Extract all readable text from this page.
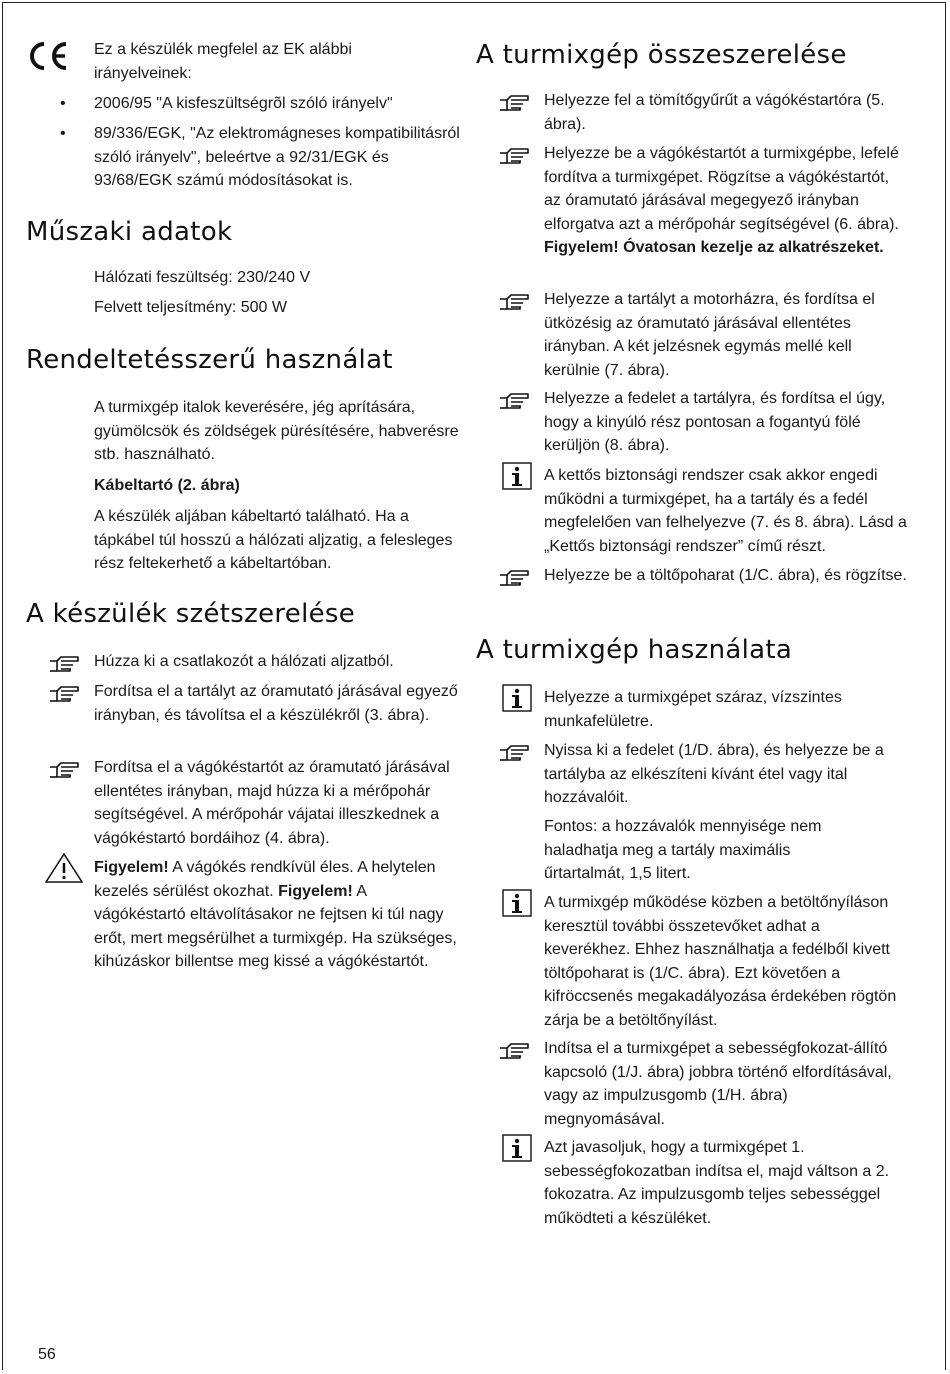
Ez a készülék megfelel az EK alábbi irányelveinek:

• 2006/95 "A kisfeszültségrõl szóló irányelv"
• 89/336/EGK, "Az elektromágneses kompatibilitásról szóló irányelv", beleértve a 92/31/EGK és 93/68/EGK számú módosításokat is.
Műszaki adatok

Hálózati feszültség: 230/240 V

Felvett teljesítmény: 500 W

Rendeltetésszerű használat

A turmixgép italok keverésére, jég aprítására, gyümölcsök és zöldségek pürésítésére, habverésre stb. használható.

Kábeltartó (2. ábra)

A készülék aljában kábeltartó található. Ha a tápkábel túl hosszú a hálózati aljzatig, a felesleges rész feltekerhető a kábeltartóban.

A készülék szétszerelése
Húzza ki a csatlakozót a hálózati aljzatból.
Fordítsa el a tartályt az óramutató járásával egyező irányban, és távolítsa el a készülékről (3. ábra).
Fordítsa el a vágókéstartót az óramutató járásával ellentétes irányban, majd húzza ki a mérőpohár segítségével. A mérőpohár vájatai illeszkednek a vágókéstartó bordáihoz (4. ábra).
Figyelem! A vágókés rendkívül éles. A helytelen kezelés sérülést okozhat. Figyelem! A vágókéstartó eltávolításakor ne fejtsen ki túl nagy erőt, mert megsérülhet a turmixgép. Ha szükséges, kihúzáskor billentse meg kissé a vágókéstartót.
A turmixgép összeszerelése
Helyezze fel a tömítőgyűrűt a vágókéstartóra (5. ábra).
Helyezze be a vágókéstartót a turmixgépbe, lefelé fordítva a turmixgépet. Rögzítse a vágókéstartót, az óramutató járásával megegyező irányban elforgatva azt a mérőpohár segítségével (6. ábra). Figyelem! Óvatosan kezelje az alkatrészeket.
Helyezze a tartályt a motorházra, és fordítsa el ütközésig az óramutató járásával ellentétes irányban. A két jelzésnek egymás mellé kell kerülnie (7. ábra).
Helyezze a fedelet a tartályra, és fordítsa el úgy, hogy a kinyúló rész pontosan a fogantyú fölé kerüljön (8. ábra).
A kettős biztonsági rendszer csak akkor engedi működni a turmixgépet, ha a tartály és a fedél megfelelően van felhelyezve (7. és 8. ábra). Lásd a „Kettős biztonsági rendszer” című részt.
Helyezze be a töltőpoharat (1/C. ábra), és rögzítse.
A turmixgép használata
Helyezze a turmixgépet száraz, vízszintes munkafelületre.
Nyissa ki a fedelet (1/D. ábra), és helyezze be a tartályba az elkészíteni kívánt étel vagy ital hozzávalóit.

Fontos: a hozzávalók mennyisége nem haladhatja meg a tartály maximális űrtartalmát, 1,5 litert.

A turmixgép működése közben a betöltőnyíláson keresztül további összetevőket adhat a keverékhez. Ehhez használhatja a fedélből kivett töltőpoharat is (1/C. ábra). Ezt követően a kifröccsenés megakadályozása érdekében rögtön zárja be a betöltőnyílást.
Indítsa el a turmixgépet a sebességfokozat-állító kapcsoló (1/J. ábra) jobbra történő elfordításával, vagy az impulzusgomb (1/H. ábra) megnyomásával.
Azt javasoljuk, hogy a turmixgépet 1. sebességfokozatban indítsa el, majd váltson a 2. fokozatra. Az impulzusgomb teljes sebességgel működteti a készüléket.
56
